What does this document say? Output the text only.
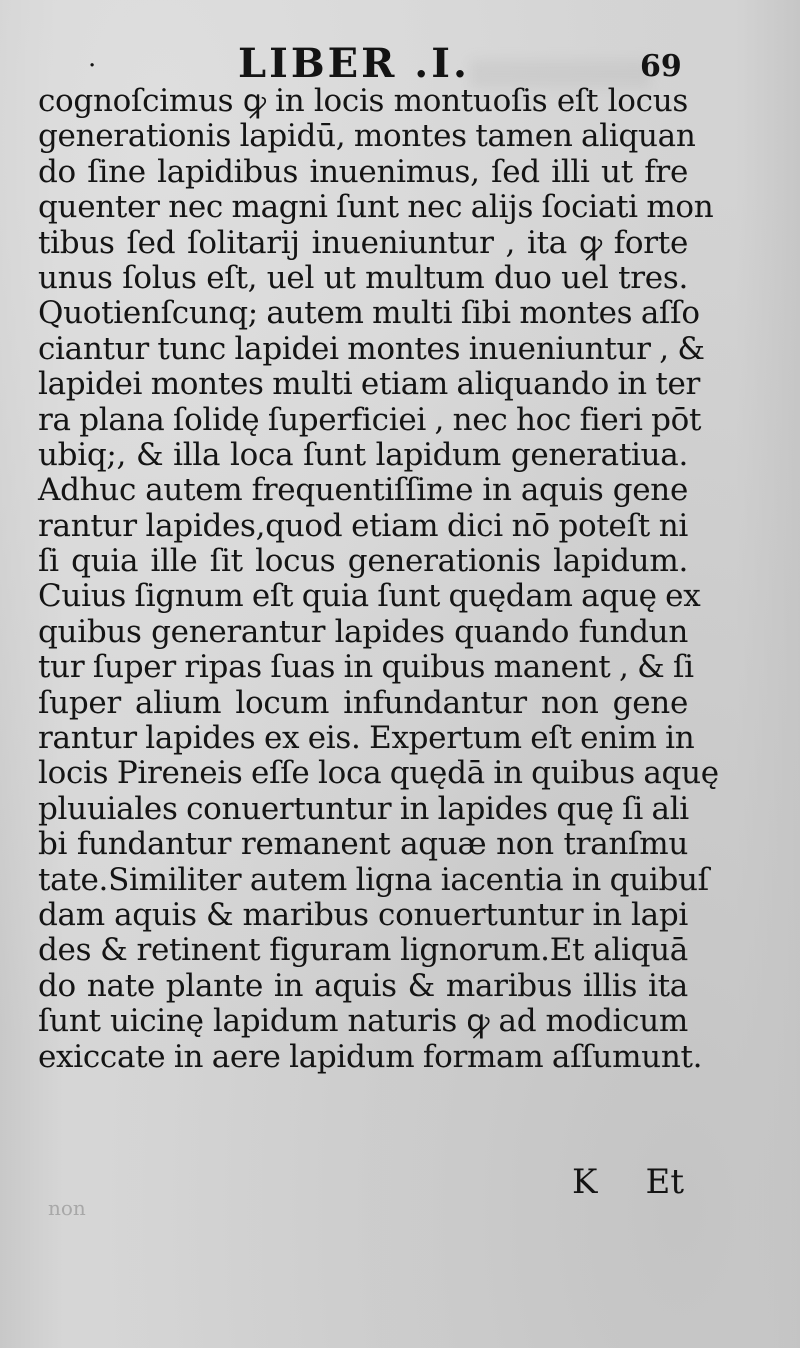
·	LIBER .I.	69
cognoſcimus ꝙ in locis montuoſis eſt locus
generationis lapidū, montes tamen aliquan
do ſine lapidibus inuenimus, ſed illi ut fre
quenter nec magni ſunt nec alijs ſociati mon
tibus ſed ſolitarij inueniuntur , ita ꝙ forte
unus ſolus eſt, uel ut multum duo uel tres.
Quotienſcunq; autem multi ſibi montes aſſo
ciantur tunc lapidei montes inueniuntur , &
lapidei montes multi etiam aliquando in ter
ra plana ſolidę ſuperficiei , nec hoc fieri pōt
ubiq;, & illa loca ſunt lapidum generatiua.
Adhuc autem frequentiſſime in aquis gene
rantur lapides,quod etiam dici nō poteſt ni
ſi quia ille ſit locus generationis lapidum.
Cuius ſignum eſt quia ſunt quędam aquę ex
quibus generantur lapides quando fundun
tur ſuper ripas ſuas in quibus manent , & ſi
ſuper alium locum infundantur non gene
rantur lapides ex eis. Expertum eſt enim in
locis Pireneis eſſe loca quędā in quibus aquę
pluuiales conuertuntur in lapides quę ſi ali
bi fundantur remanent aquæ non tranſmu
tate.Similiter autem ligna iacentia in quibuſ
dam aquis & maribus conuertuntur in lapi
des & retinent figuram lignorum.Et aliquā
do nate plante in aquis & maribus illis ita
ſunt uicinę lapidum naturis ꝙ ad modicum
exiccate in aere lapidum formam aſſumunt.
K Et
non
